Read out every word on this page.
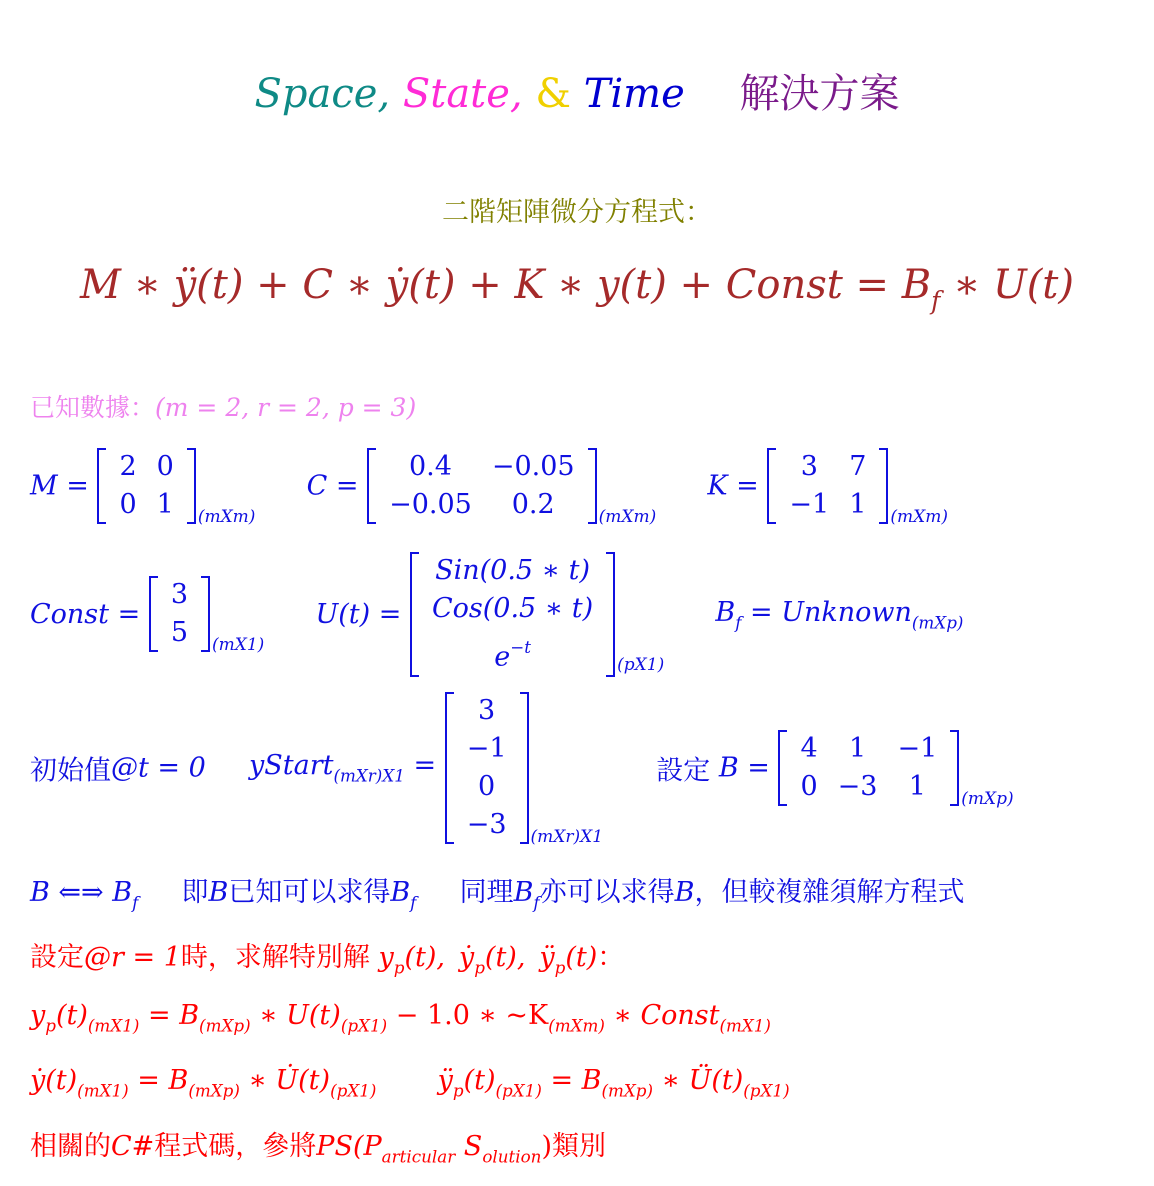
Space, State, & Time 解決方案
二階矩陣微分方程式：
M ∗ ÿ(t) + C ∗ ẏ(t) + K ∗ y(t) + Const = $B_f$ ∗ U(t)
已知數據：(m = 2, r = 2, p = 3)
M =
2	0
0	1 $_{(mXm)}$  C =
0.4	−0.05
−0.05	0.2	$_{(mXm)}$  K =
3	7
−1	1 $_{(mXm)}$
Const =
3
5 $_{(mX1)}$  U(t) =
Sin(0.5 ∗ t)
Cos(0.5 ∗ t)
$e^{-t}$
$_{(pX1)}$  $B_f$ = Unknown$_{(mXp)}$
初始值@t = 0 yStart$_{(mXr)X1}$ =
3
−1
0
−3 $_{(mXr)X1}$  設定 B =
4	1	−1
0	−3	1 $_{(mXp)}$
B ⇐⇒ $B_f$ 即B已知可以求得$B_f$ 同理$B_f$亦可以求得B，但較複雜須解方程式
設定@r = 1時，求解特別解 $y_p(t)$,  ẏ$_p$(t),  $ÿ_p(t)$：
$y_p(t)_{(mX1)} = B_{(mXp)}$ ∗ $U(t)_{(pX1)} - 1.0$ ∗ $\sim K_{(mXm)}$ ∗ Const$_{(mX1)}$
$ẏ(t)_{(mX1)} = B_{(mXp)}$ ∗ $U̇(t)_{(pX1)}$ $ÿ_p(t)_{(pX1)} = B_{(mXp)}$ ∗ $Ü(t)_{(pX1)}$
相關的C#程式碼，參將$PS(P_{articular}$ $S_{olution}$)類別
